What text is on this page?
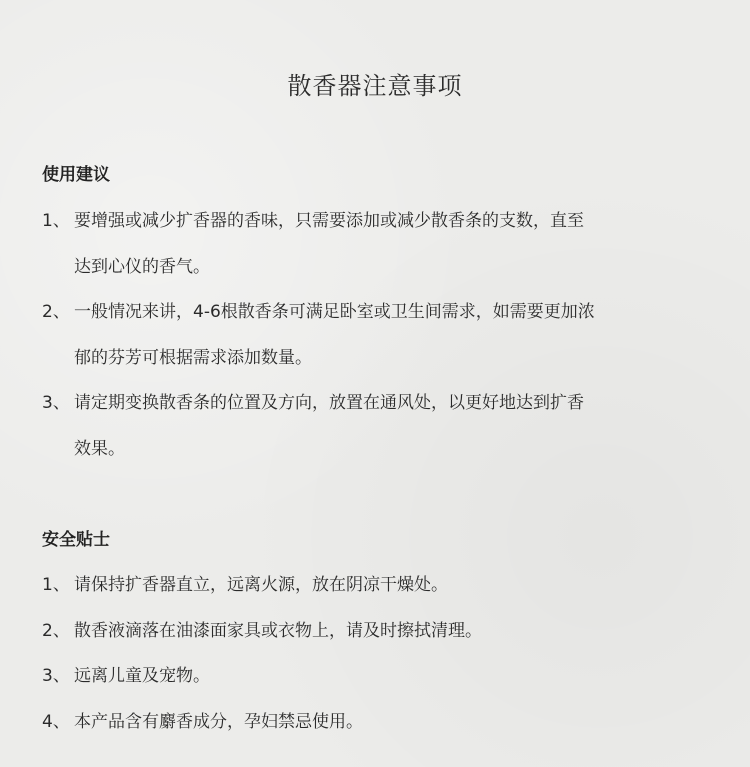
散香器注意事项
使用建议
1、 要增强或减少扩香器的香味，只需要添加或减少散香条的支数，直至
达到心仪的香气。
2、 一般情况来讲，4-6根散香条可满足卧室或卫生间需求，如需要更加浓
郁的芬芳可根据需求添加数量。
3、 请定期变换散香条的位置及方向，放置在通风处，以更好地达到扩香
效果。
安全贴士
1、 请保持扩香器直立，远离火源，放在阴凉干燥处。
2、 散香液滴落在油漆面家具或衣物上，请及时擦拭清理。
3、 远离儿童及宠物。
4、 本产品含有麝香成分，孕妇禁忌使用。
